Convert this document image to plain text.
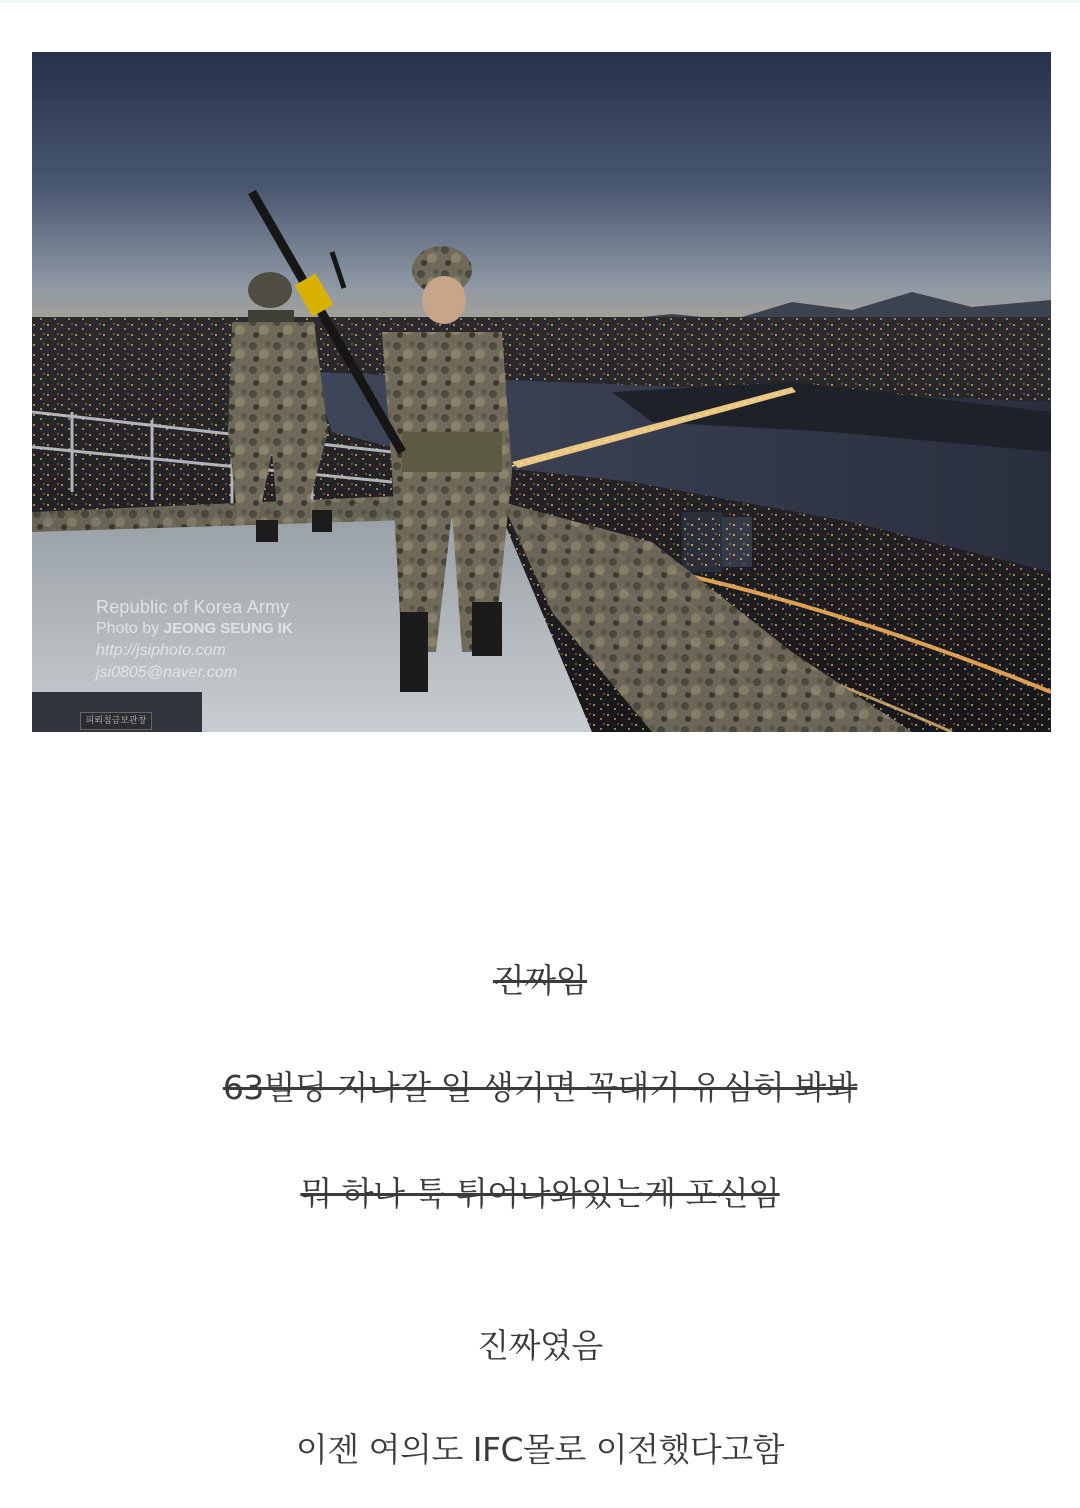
Republic of Korea Army
Photo by JEONG SEUNG IK
http://jsiphoto.com
jsi0805@naver.com
피뢰침금보관창
진짜임
63빌딩 지나갈 일 생기면 꼭대기 유심히 봐봐
뭐 하나 툭 튀어나와있는게 포신임
진짜였음
이젠 여의도 IFC몰로 이전했다고함
